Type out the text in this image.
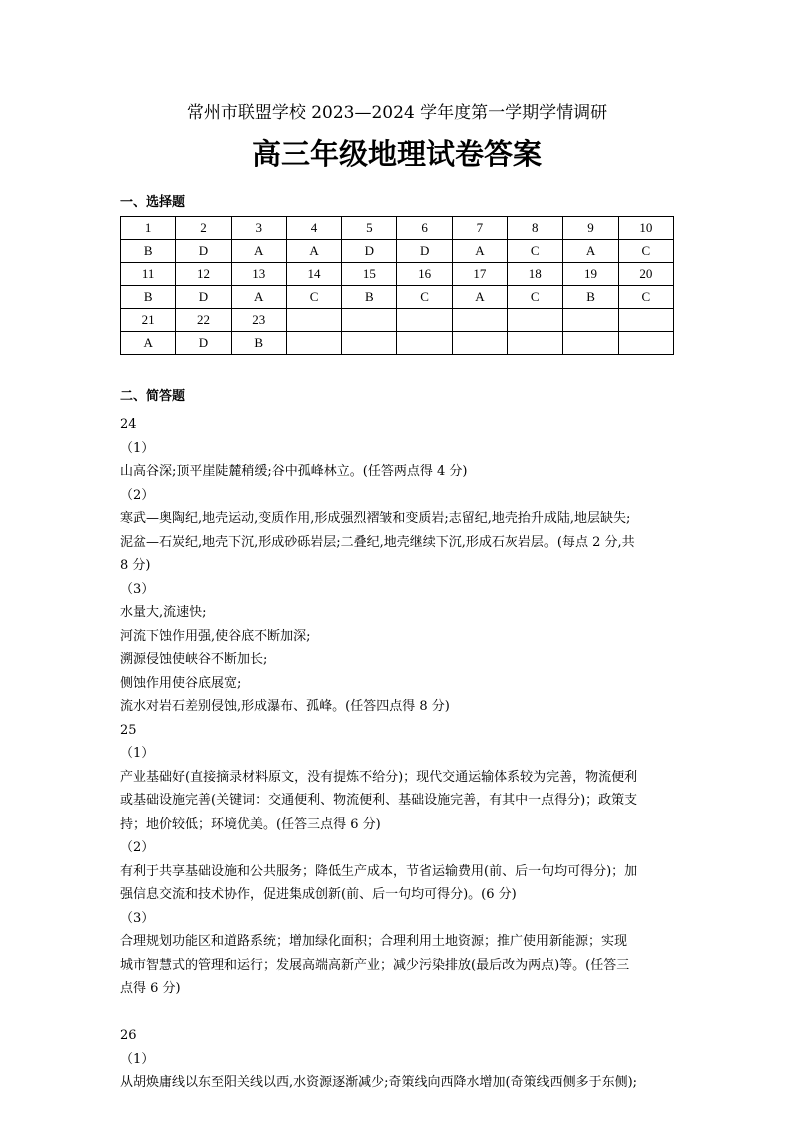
常州市联盟学校 2023—2024 学年度第一学期学情调研
高三年级地理试卷答案
一、选择题
1	2	3	4	5	6	7	8	9	10
B	D	A	A	D	D	A	C	A	C
11	12	13	14	15	16	17	18	19	20
B	D	A	C	B	C	A	C	B	C
21	22	23							
A	D	B							
二、简答题
24
（1）
山高谷深;顶平崖陡麓稍缓;谷中孤峰林立。(任答两点得 4 分)
（2）
寒武—奥陶纪,地壳运动,变质作用,形成强烈褶皱和变质岩;志留纪,地壳抬升成陆,地层缺失;
泥盆—石炭纪,地壳下沉,形成砂砾岩层;二叠纪,地壳继续下沉,形成石灰岩层。(每点 2 分,共
8 分)
（3）
水量大,流速快;
河流下蚀作用强,使谷底不断加深;
溯源侵蚀使峡谷不断加长;
侧蚀作用使谷底展宽;
流水对岩石差别侵蚀,形成瀑布、孤峰。(任答四点得 8 分)
25
（1）
产业基础好(直接摘录材料原文，没有提炼不给分)；现代交通运输体系较为完善，物流便利
或基础设施完善(关键词：交通便利、物流便利、基础设施完善，有其中一点得分)；政策支
持；地价较低；环境优美。(任答三点得 6 分)
（2）
有利于共享基础设施和公共服务；降低生产成本，节省运输费用(前、后一句均可得分)；加
强信息交流和技术协作，促进集成创新(前、后一句均可得分)。(6 分)
（3）
合理规划功能区和道路系统；增加绿化面积；合理利用土地资源；推广使用新能源；实现
城市智慧式的管理和运行；发展高端高新产业；减少污染排放(最后改为两点)等。(任答三
点得 6 分)
26
（1）
从胡焕庸线以东至阳关线以西,水资源逐渐减少;奇策线向西降水增加(奇策线西侧多于东侧);
